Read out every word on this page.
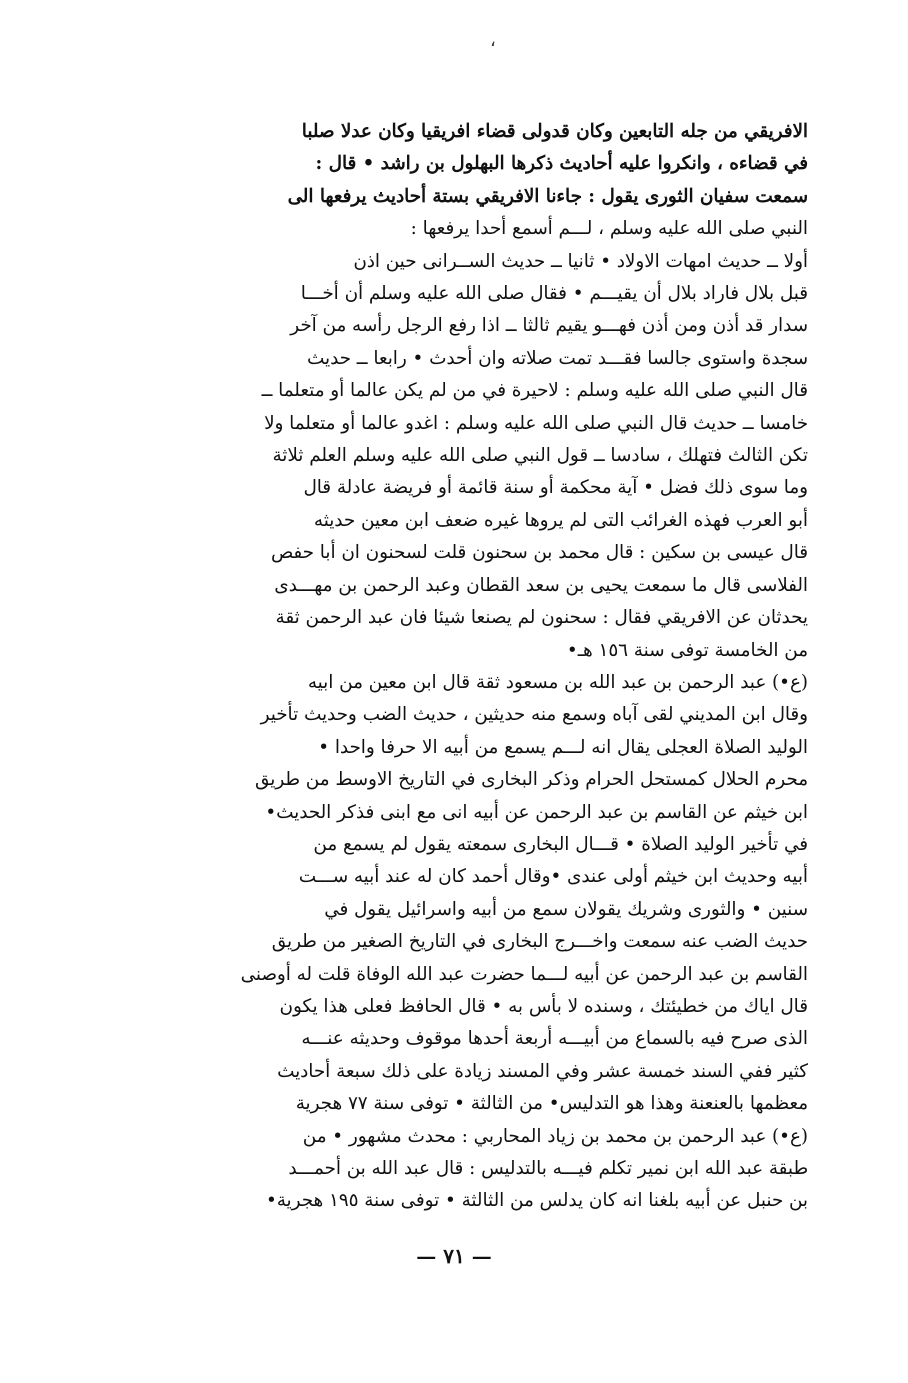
،

الافريقي من جله التابعين وكان قدولى قضاء افريقيا وكان عدلا صلبا
في قضاءه ، وانكروا عليه أحاديث ذكرها البهلول بن راشد • قال :
سمعت سفيان الثورى يقول : جاءنا الافريقي بستة أحاديث يرفعها الى
النبي صلى الله عليه وسلم ، لـــم أسمع أحدا يرفعها :
أولا ــ حديث امهات الاولاد • ثانيا ــ حديث الســرانى حين اذن
قبل بلال فاراد بلال أن يقيـــم • فقال صلى الله عليه وسلم أن أخـــا
سدار قد أذن ومن أذن فهـــو يقيم ثالثا ــ اذا رفع الرجل رأسه من آخر
سجدة واستوى جالسا فقـــد تمت صلاته وان أحدث • رابعا ــ حديث
قال النبي صلى الله عليه وسلم : لاحيرة في من لم يكن عالما أو متعلما ــ
خامسا ــ حديث قال النبي صلى الله عليه وسلم : اغدو عالما أو متعلما ولا
تكن الثالث فتهلك ، سادسا ــ قول النبي صلى الله عليه وسلم العلم ثلاثة
وما سوى ذلك فضل • آية محكمة أو سنة قائمة أو فريضة عادلة قال
أبو العرب فهذه الغرائب التى لم يروها غيره ضعف ابن معين حديثه
قال عيسى بن سكين : قال محمد بن سحنون قلت لسحنون ان أبا حفص
الفلاسى قال ما سمعت يحيى بن سعد القطان وعبد الرحمن بن مهـــدى
يحدثان عن الافريقي فقال : سحنون لم يصنعا شيئا فان عبد الرحمن ثقة
من الخامسة توفى سنة ١٥٦ هـ•

(ع•) عبد الرحمن بن عبد الله بن مسعود ثقة قال ابن معين من ابيه
وقال ابن المديني لقى آباه وسمع منه حديثين ، حديث الضب وحديث تأخير
الوليد الصلاة العجلى يقال انه لـــم يسمع من أبيه الا حرفا واحدا •
محرم الحلال كمستحل الحرام وذكر البخارى في التاريخ الاوسط من طريق
ابن خيثم عن القاسم بن عبد الرحمن عن أبيه انى مع ابنى فذكر الحديث•
في تأخير الوليد الصلاة • قـــال البخارى سمعته يقول لم يسمع من
أبيه وحديث ابن خيثم أولى عندى •وقال أحمد كان له عند أبيه ســـت
سنين • والثورى وشريك يقولان سمع من أبيه واسرائيل يقول في
حديث الضب عنه سمعت واخـــرج البخارى في التاريخ الصغير من طريق
القاسم بن عبد الرحمن عن أبيه لـــما حضرت عبد الله الوفاة قلت له أوصنى
قال اياك من خطيئتك ، وسنده لا بأس به • قال الحافظ فعلى هذا يكون
الذى صرح فيه بالسماع من أبيـــه أربعة أحدها موقوف وحديثه عنـــه
كثير ففي السند خمسة عشر وفي المسند زيادة على ذلك سبعة أحاديث
معظمها بالعنعنة وهذا هو التدليس• من الثالثة • توفى سنة ٧٧ هجرية

(ع•) عبد الرحمن بن محمد بن زياد المحاربي : محدث مشهور • من
طبقة عبد الله ابن نمير تكلم فيـــه بالتدليس : قال عبد الله بن أحمـــد
بن حنبل عن أبيه بلغنا انه كان يدلس من الثالثة • توفى سنة ١٩٥ هجرية•

— ٧١ —
